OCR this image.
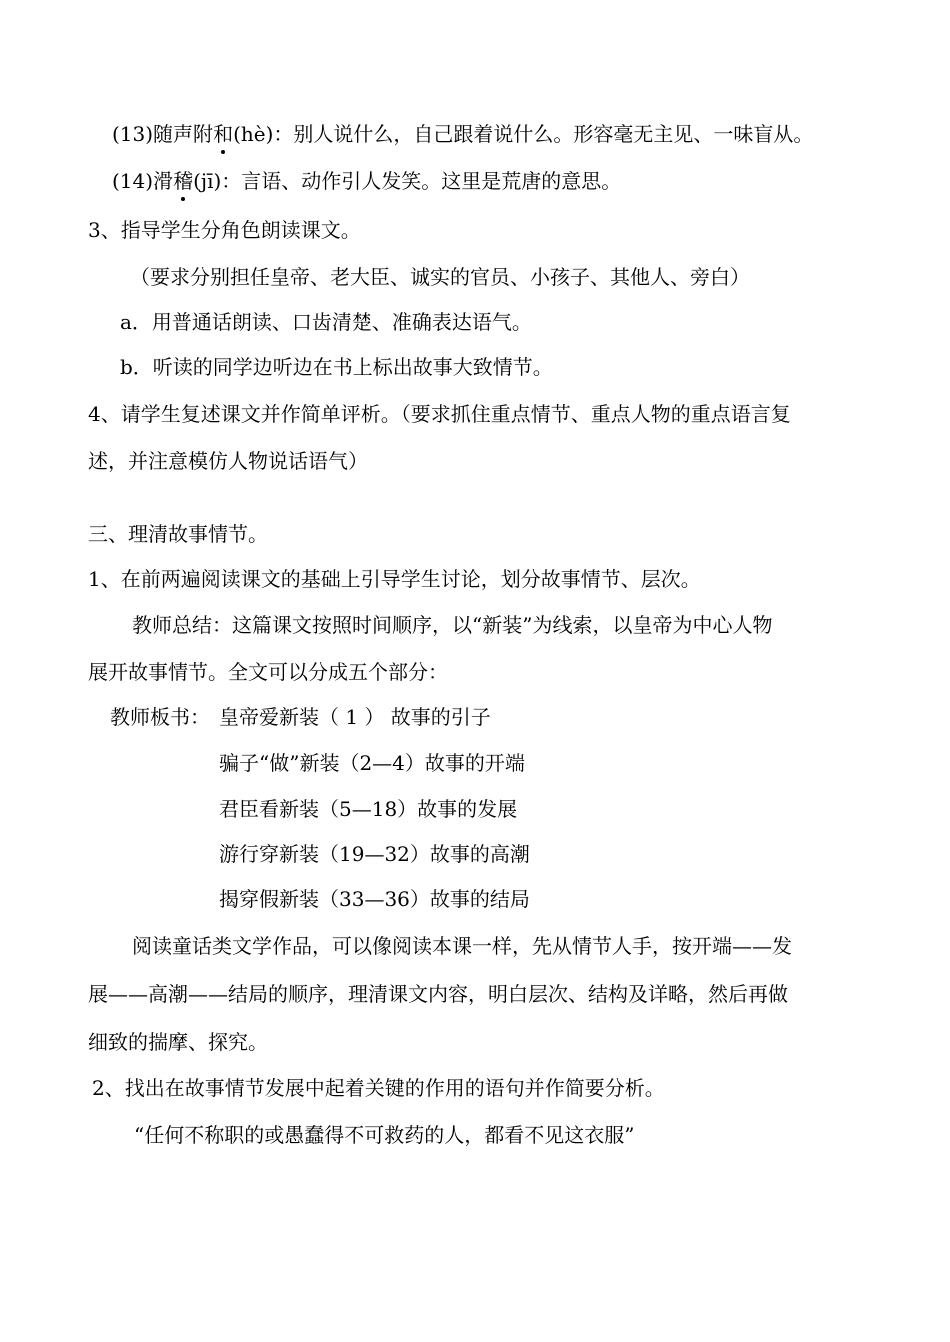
(13)随声附和(hè)：别人说什么，自己跟着说什么。形容毫无主见、一味盲从。
(14)滑稽(jī)：言语、动作引人发笑。这里是荒唐的意思。
3、指导学生分角色朗读课文。
（要求分别担任皇帝、老大臣、诚实的官员、小孩子、其他人、旁白）
a．用普通话朗读、口齿清楚、准确表达语气。
b．听读的同学边听边在书上标出故事大致情节。
4、请学生复述课文并作简单评析。（要求抓住重点情节、重点人物的重点语言复
述，并注意模仿人物说话语气）
三、理清故事情节。
1、在前两遍阅读课文的基础上引导学生讨论，划分故事情节、层次。
教师总结：这篇课文按照时间顺序，以“新装”为线索，以皇帝为中心人物
展开故事情节。全文可以分成五个部分：
教师板书： 皇帝爱新装（ 1 ） 故事的引子
骗子“做”新装（2—4）故事的开端
君臣看新装（5—18）故事的发展
游行穿新装（19—32）故事的高潮
揭穿假新装（33—36）故事的结局
阅读童话类文学作品，可以像阅读本课一样，先从情节人手，按开端——发
展——高潮——结局的顺序，理清课文内容，明白层次、结构及详略，然后再做
细致的揣摩、探究。
2、找出在故事情节发展中起着关键的作用的语句并作简要分析。
“任何不称职的或愚蠢得不可救药的人，都看不见这衣服”
